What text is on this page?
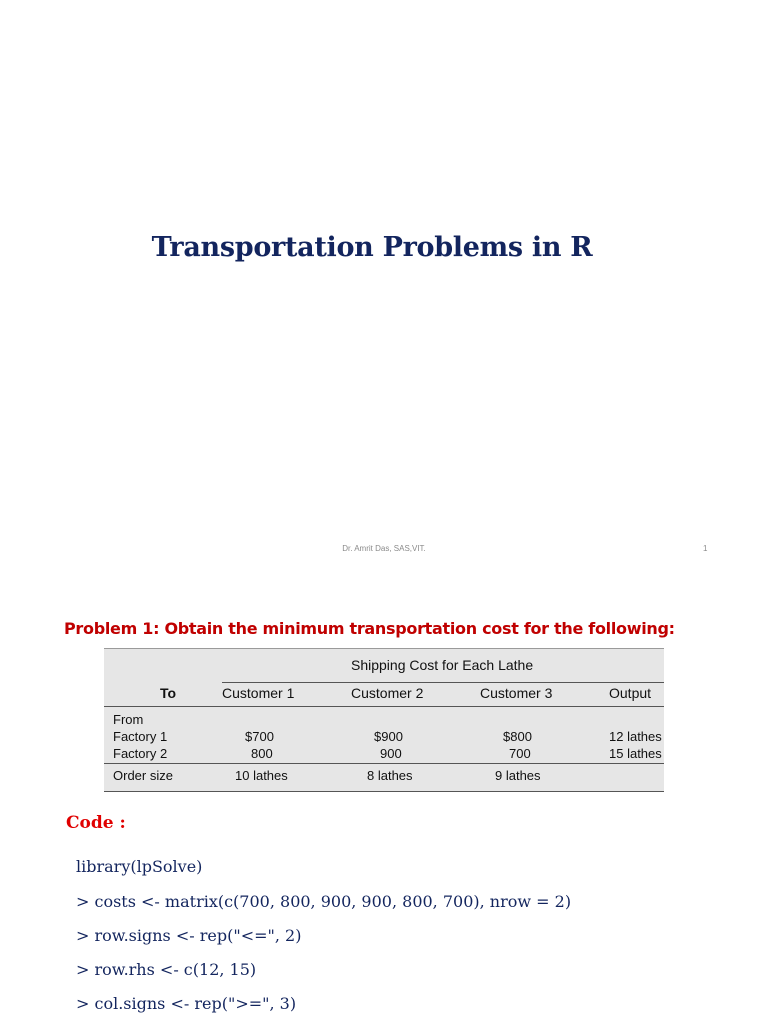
Transportation Problems in R
Dr. Amrit Das, SAS,VIT.	1
Problem 1: Obtain the minimum transportation cost for the following:
Shipping Cost for Each Lathe
To	Customer 1	Customer 2	Customer 3	Output
From
Factory 1	$700	$900	$800	12 lathes
Factory 2	800	900	700	15 lathes
Order size	10 lathes	8 lathes	9 lathes
Code :
library(lpSolve)
> costs <- matrix(c(700, 800, 900, 900, 800, 700), nrow = 2)
> row.signs <- rep("<=", 2)
> row.rhs <- c(12, 15)
> col.signs <- rep(">=", 3)
